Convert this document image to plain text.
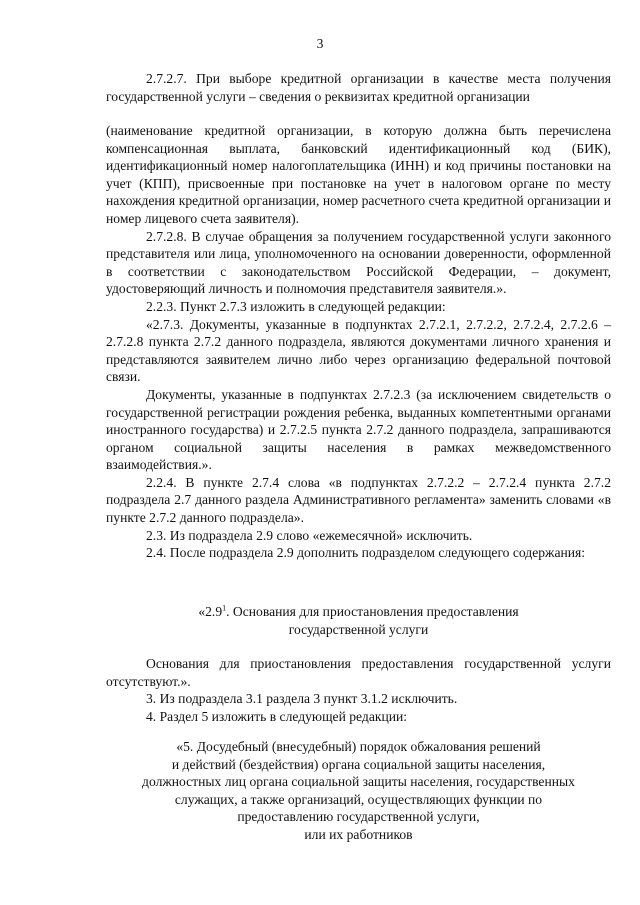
3

2.7.2.7. При выборе кредитной организации в качестве места получения государственной услуги – сведения о реквизитах кредитной организации

(наименование кредитной организации, в которую должна быть перечислена компенсационная выплата, банковский идентификационный код (БИК), идентификационный номер налогоплательщика (ИНН) и код причины постановки на учет (КПП), присвоенные при постановке на учет в налоговом органе по месту нахождения кредитной организации, номер расчетного счета кредитной организации и номер лицевого счета заявителя).

2.7.2.8. В случае обращения за получением государственной услуги законного представителя или лица, уполномоченного на основании доверенности, оформленной в соответствии с законодательством Российской Федерации, – документ, удостоверяющий личность и полномочия представителя заявителя.».

2.2.3. Пункт 2.7.3 изложить в следующей редакции:

«2.7.3. Документы, указанные в подпунктах 2.7.2.1, 2.7.2.2, 2.7.2.4, 2.7.2.6 – 2.7.2.8 пункта 2.7.2 данного подраздела, являются документами личного хранения и представляются заявителем лично либо через организацию федеральной почтовой связи.

Документы, указанные в подпунктах 2.7.2.3 (за исключением свидетельств о государственной регистрации рождения ребенка, выданных компетентными органами иностранного государства) и 2.7.2.5 пункта 2.7.2 данного подраздела, запрашиваются органом социальной защиты населения в рамках межведомственного взаимодействия.».

2.2.4. В пункте 2.7.4 слова «в подпунктах 2.7.2.2 – 2.7.2.4 пункта 2.7.2 подраздела 2.7 данного раздела Административного регламента» заменить словами «в пункте 2.7.2 данного подраздела».

2.3. Из подраздела 2.9 слово «ежемесячной» исключить.

2.4. После подраздела 2.9 дополнить подразделом следующего содержания:

«$2.9^1$. Основания для приостановления предоставления
государственной услуги

Основания для приостановления предоставления государственной услуги отсутствуют.».

3. Из подраздела 3.1 раздела 3 пункт 3.1.2 исключить.

4. Раздел 5 изложить в следующей редакции:

«5. Досудебный (внесудебный) порядок обжалования решений
и действий (бездействия) органа социальной защиты населения,
должностных лиц органа социальной защиты населения, государственных
служащих, а также организаций, осуществляющих функции по
предоставлению государственной услуги,
или их работников
